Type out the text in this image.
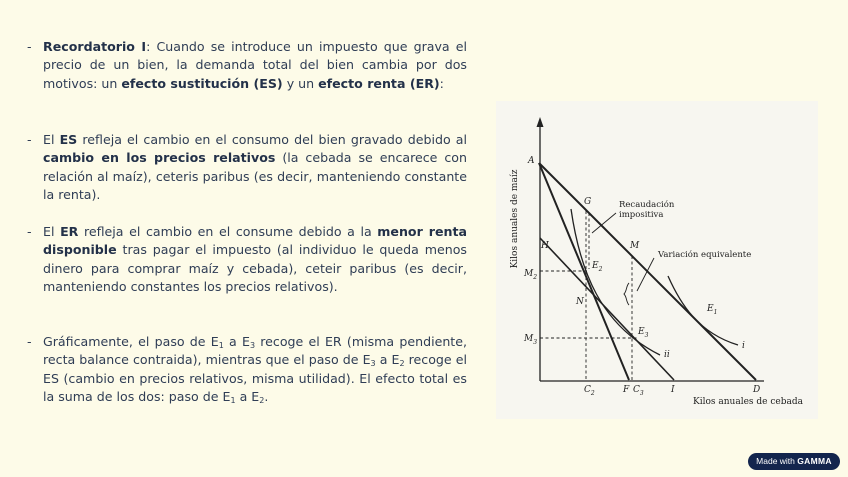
- Recordatorio I: Cuando se introduce un impuesto que grava el precio de un bien, la demanda total del bien cambia por dos motivos: un efecto sustitución (ES) y un efecto renta (ER):
- El ES refleja el cambio en el consumo del bien gravado debido al cambio en los precios relativos (la cebada se encarece con relación al maíz), ceteris paribus (es decir, manteniendo constante la renta).
- El ER refleja el cambio en el consume debido a la menor renta disponible tras pagar el impuesto (al individuo le queda menos dinero para comprar maíz y cebada), ceteir paribus (es decir, manteniendo constantes los precios relativos).
- Gráficamente, el paso de $E_1$ a $E_3$ recoge el ER (misma pendiente, recta balance contraida), mientras que el paso de $E_3$ a $E_2$ recoge el ES (cambio en precios relativos, misma utilidad). El efecto total es la suma de los dos: paso de $E_1$ a $E_2$.
Kilos anuales de maíz
Kilos anuales de cebada
Recaudación
impositiva
Variación equivalente
A
G
H	M
$M_2$
$E_2$
N
$E_3$
$E_1$
$M_3$	i
ii
$C_2$	F $C_3$	I	D
Made with GAMMA
